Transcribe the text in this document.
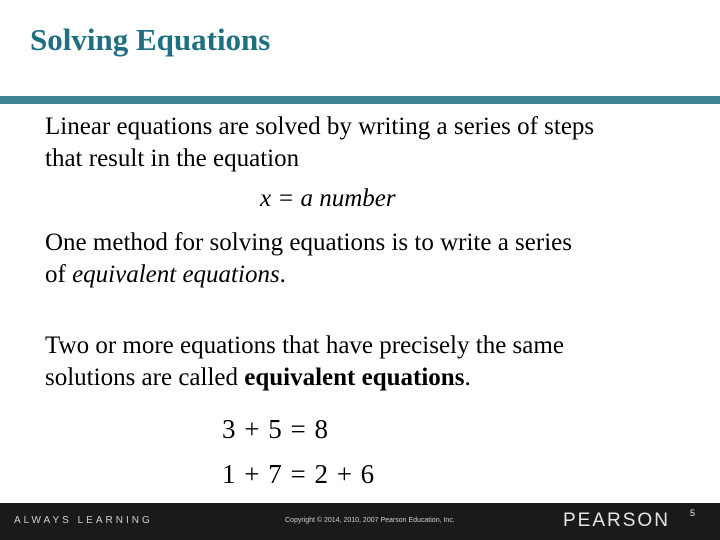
Solving Equations
Linear equations are solved by writing a series of steps
that result in the equation
x = a number
One method for solving equations is to write a series
of equivalent equations.
Two or more equations that have precisely the same
solutions are called equivalent equations.
3 + 5 = 8
1 + 7 = 2 + 6
ALWAYS LEARNING	Copyright © 2014, 2010, 2007 Pearson Education, Inc.	PEARSON 5
